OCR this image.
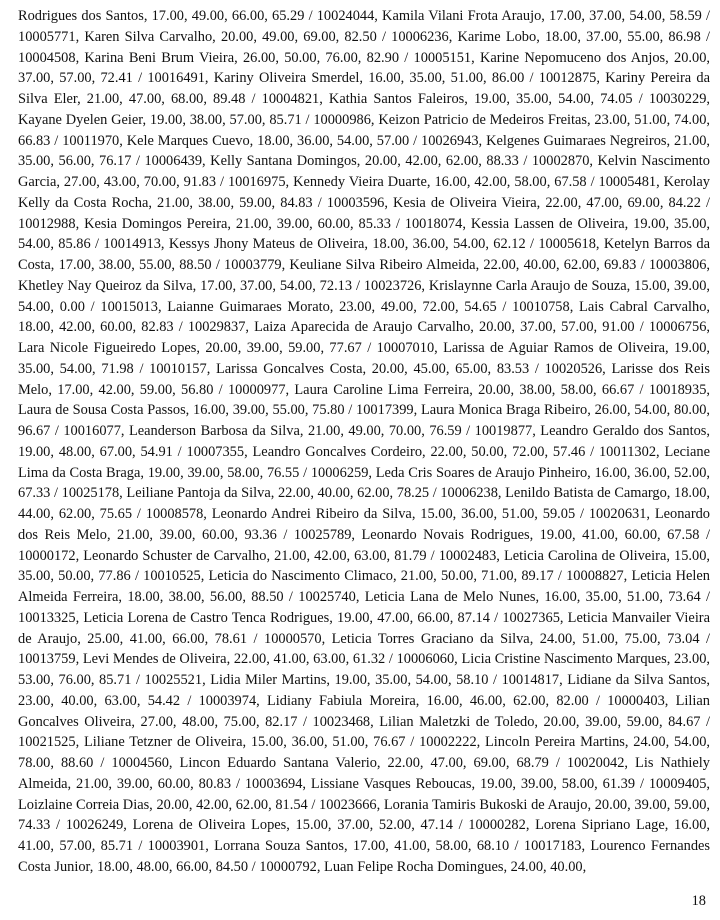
Rodrigues dos Santos, 17.00, 49.00, 66.00, 65.29 / 10024044, Kamila Vilani Frota Araujo, 17.00, 37.00, 54.00, 58.59 / 10005771, Karen Silva Carvalho, 20.00, 49.00, 69.00, 82.50 / 10006236, Karime Lobo, 18.00, 37.00, 55.00, 86.98 / 10004508, Karina Beni Brum Vieira, 26.00, 50.00, 76.00, 82.90 / 10005151, Karine Nepomuceno dos Anjos, 20.00, 37.00, 57.00, 72.41 / 10016491, Kariny Oliveira Smerdel, 16.00, 35.00, 51.00, 86.00 / 10012875, Kariny Pereira da Silva Eler, 21.00, 47.00, 68.00, 89.48 / 10004821, Kathia Santos Faleiros, 19.00, 35.00, 54.00, 74.05 / 10030229, Kayane Dyelen Geier, 19.00, 38.00, 57.00, 85.71 / 10000986, Keizon Patricio de Medeiros Freitas, 23.00, 51.00, 74.00, 66.83 / 10011970, Kele Marques Cuevo, 18.00, 36.00, 54.00, 57.00 / 10026943, Kelgenes Guimaraes Negreiros, 21.00, 35.00, 56.00, 76.17 / 10006439, Kelly Santana Domingos, 20.00, 42.00, 62.00, 88.33 / 10002870, Kelvin Nascimento Garcia, 27.00, 43.00, 70.00, 91.83 / 10016975, Kennedy Vieira Duarte, 16.00, 42.00, 58.00, 67.58 / 10005481, Kerolay Kelly da Costa Rocha, 21.00, 38.00, 59.00, 84.83 / 10003596, Kesia de Oliveira Vieira, 22.00, 47.00, 69.00, 84.22 / 10012988, Kesia Domingos Pereira, 21.00, 39.00, 60.00, 85.33 / 10018074, Kessia Lassen de Oliveira, 19.00, 35.00, 54.00, 85.86 / 10014913, Kessys Jhony Mateus de Oliveira, 18.00, 36.00, 54.00, 62.12 / 10005618, Ketelyn Barros da Costa, 17.00, 38.00, 55.00, 88.50 / 10003779, Keuliane Silva Ribeiro Almeida, 22.00, 40.00, 62.00, 69.83 / 10003806, Khetley Nay Queiroz da Silva, 17.00, 37.00, 54.00, 72.13 / 10023726, Krislaynne Carla Araujo de Souza, 15.00, 39.00, 54.00, 0.00 / 10015013, Laianne Guimaraes Morato, 23.00, 49.00, 72.00, 54.65 / 10010758, Lais Cabral Carvalho, 18.00, 42.00, 60.00, 82.83 / 10029837, Laiza Aparecida de Araujo Carvalho, 20.00, 37.00, 57.00, 91.00 / 10006756, Lara Nicole Figueiredo Lopes, 20.00, 39.00, 59.00, 77.67 / 10007010, Larissa de Aguiar Ramos de Oliveira, 19.00, 35.00, 54.00, 71.98 / 10010157, Larissa Goncalves Costa, 20.00, 45.00, 65.00, 83.53 / 10020526, Larisse dos Reis Melo, 17.00, 42.00, 59.00, 56.80 / 10000977, Laura Caroline Lima Ferreira, 20.00, 38.00, 58.00, 66.67 / 10018935, Laura de Sousa Costa Passos, 16.00, 39.00, 55.00, 75.80 / 10017399, Laura Monica Braga Ribeiro, 26.00, 54.00, 80.00, 96.67 / 10016077, Leanderson Barbosa da Silva, 21.00, 49.00, 70.00, 76.59 / 10019877, Leandro Geraldo dos Santos, 19.00, 48.00, 67.00, 54.91 / 10007355, Leandro Goncalves Cordeiro, 22.00, 50.00, 72.00, 57.46 / 10011302, Leciane Lima da Costa Braga, 19.00, 39.00, 58.00, 76.55 / 10006259, Leda Cris Soares de Araujo Pinheiro, 16.00, 36.00, 52.00, 67.33 / 10025178, Leiliane Pantoja da Silva, 22.00, 40.00, 62.00, 78.25 / 10006238, Lenildo Batista de Camargo, 18.00, 44.00, 62.00, 75.65 / 10008578, Leonardo Andrei Ribeiro da Silva, 15.00, 36.00, 51.00, 59.05 / 10020631, Leonardo dos Reis Melo, 21.00, 39.00, 60.00, 93.36 / 10025789, Leonardo Novais Rodrigues, 19.00, 41.00, 60.00, 67.58 / 10000172, Leonardo Schuster de Carvalho, 21.00, 42.00, 63.00, 81.79 / 10002483, Leticia Carolina de Oliveira, 15.00, 35.00, 50.00, 77.86 / 10010525, Leticia do Nascimento Climaco, 21.00, 50.00, 71.00, 89.17 / 10008827, Leticia Helen Almeida Ferreira, 18.00, 38.00, 56.00, 88.50 / 10025740, Leticia Lana de Melo Nunes, 16.00, 35.00, 51.00, 73.64 / 10013325, Leticia Lorena de Castro Tenca Rodrigues, 19.00, 47.00, 66.00, 87.14 / 10027365, Leticia Manvailer Vieira de Araujo, 25.00, 41.00, 66.00, 78.61 / 10000570, Leticia Torres Graciano da Silva, 24.00, 51.00, 75.00, 73.04 / 10013759, Levi Mendes de Oliveira, 22.00, 41.00, 63.00, 61.32 / 10006060, Licia Cristine Nascimento Marques, 23.00, 53.00, 76.00, 85.71 / 10025521, Lidia Miler Martins, 19.00, 35.00, 54.00, 58.10 / 10014817, Lidiane da Silva Santos, 23.00, 40.00, 63.00, 54.42 / 10003974, Lidiany Fabiula Moreira, 16.00, 46.00, 62.00, 82.00 / 10000403, Lilian Goncalves Oliveira, 27.00, 48.00, 75.00, 82.17 / 10023468, Lilian Maletzki de Toledo, 20.00, 39.00, 59.00, 84.67 / 10021525, Liliane Tetzner de Oliveira, 15.00, 36.00, 51.00, 76.67 / 10002222, Lincoln Pereira Martins, 24.00, 54.00, 78.00, 88.60 / 10004560, Lincon Eduardo Santana Valerio, 22.00, 47.00, 69.00, 68.79 / 10020042, Lis Nathiely Almeida, 21.00, 39.00, 60.00, 80.83 / 10003694, Lissiane Vasques Reboucas, 19.00, 39.00, 58.00, 61.39 / 10009405, Loizlaine Correia Dias, 20.00, 42.00, 62.00, 81.54 / 10023666, Lorania Tamiris Bukoski de Araujo, 20.00, 39.00, 59.00, 74.33 / 10026249, Lorena de Oliveira Lopes, 15.00, 37.00, 52.00, 47.14 / 10000282, Lorena Sipriano Lage, 16.00, 41.00, 57.00, 85.71 / 10003901, Lorrana Souza Santos, 17.00, 41.00, 58.00, 68.10 / 10017183, Lourenco Fernandes Costa Junior, 18.00, 48.00, 66.00, 84.50 / 10000792, Luan Felipe Rocha Domingues, 24.00, 40.00,
18
